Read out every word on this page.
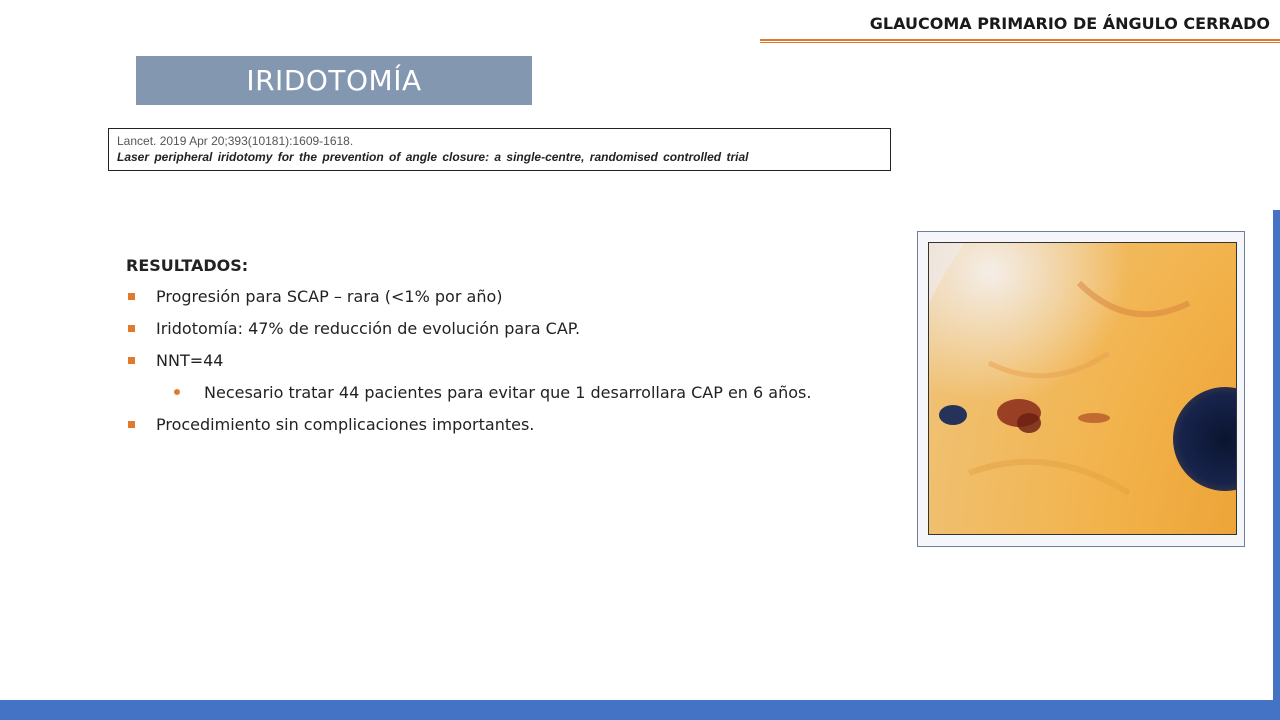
GLAUCOMA PRIMARIO DE ÁNGULO CERRADO
IRIDOTOMÍA
Lancet. 2019 Apr 20;393(10181):1609-1618.
Laser peripheral iridotomy for the prevention of angle closure: a single-centre, randomised controlled trial
RESULTADOS:
Progresión para SCAP – rara (<1% por año)
Iridotomía: 47% de reducción de evolución para CAP.
NNT=44
Necesario tratar 44 pacientes para evitar que 1 desarrollara CAP en 6 años.
Procedimiento sin complicaciones importantes.
